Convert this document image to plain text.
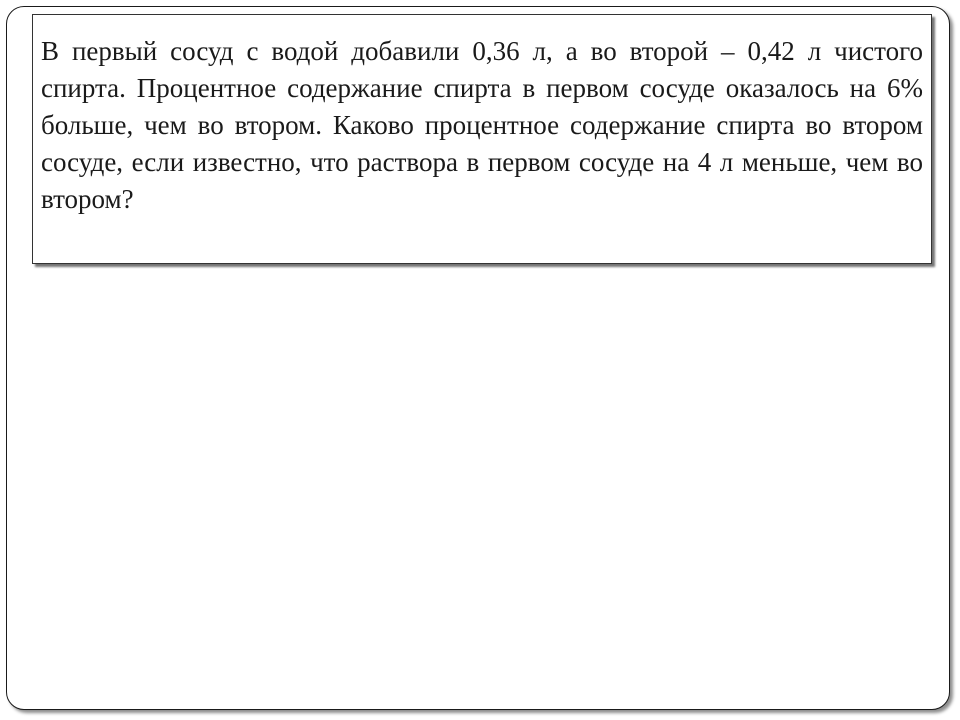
В первый сосуд с водой добавили 0,36 л, а во второй – 0,42 л чистого спирта. Процентное содержание спирта в первом сосуде оказалось на 6% больше, чем во втором. Каково процентное содержание спирта во втором сосуде, если известно, что раствора в первом сосуде на 4 л меньше, чем во втором?
